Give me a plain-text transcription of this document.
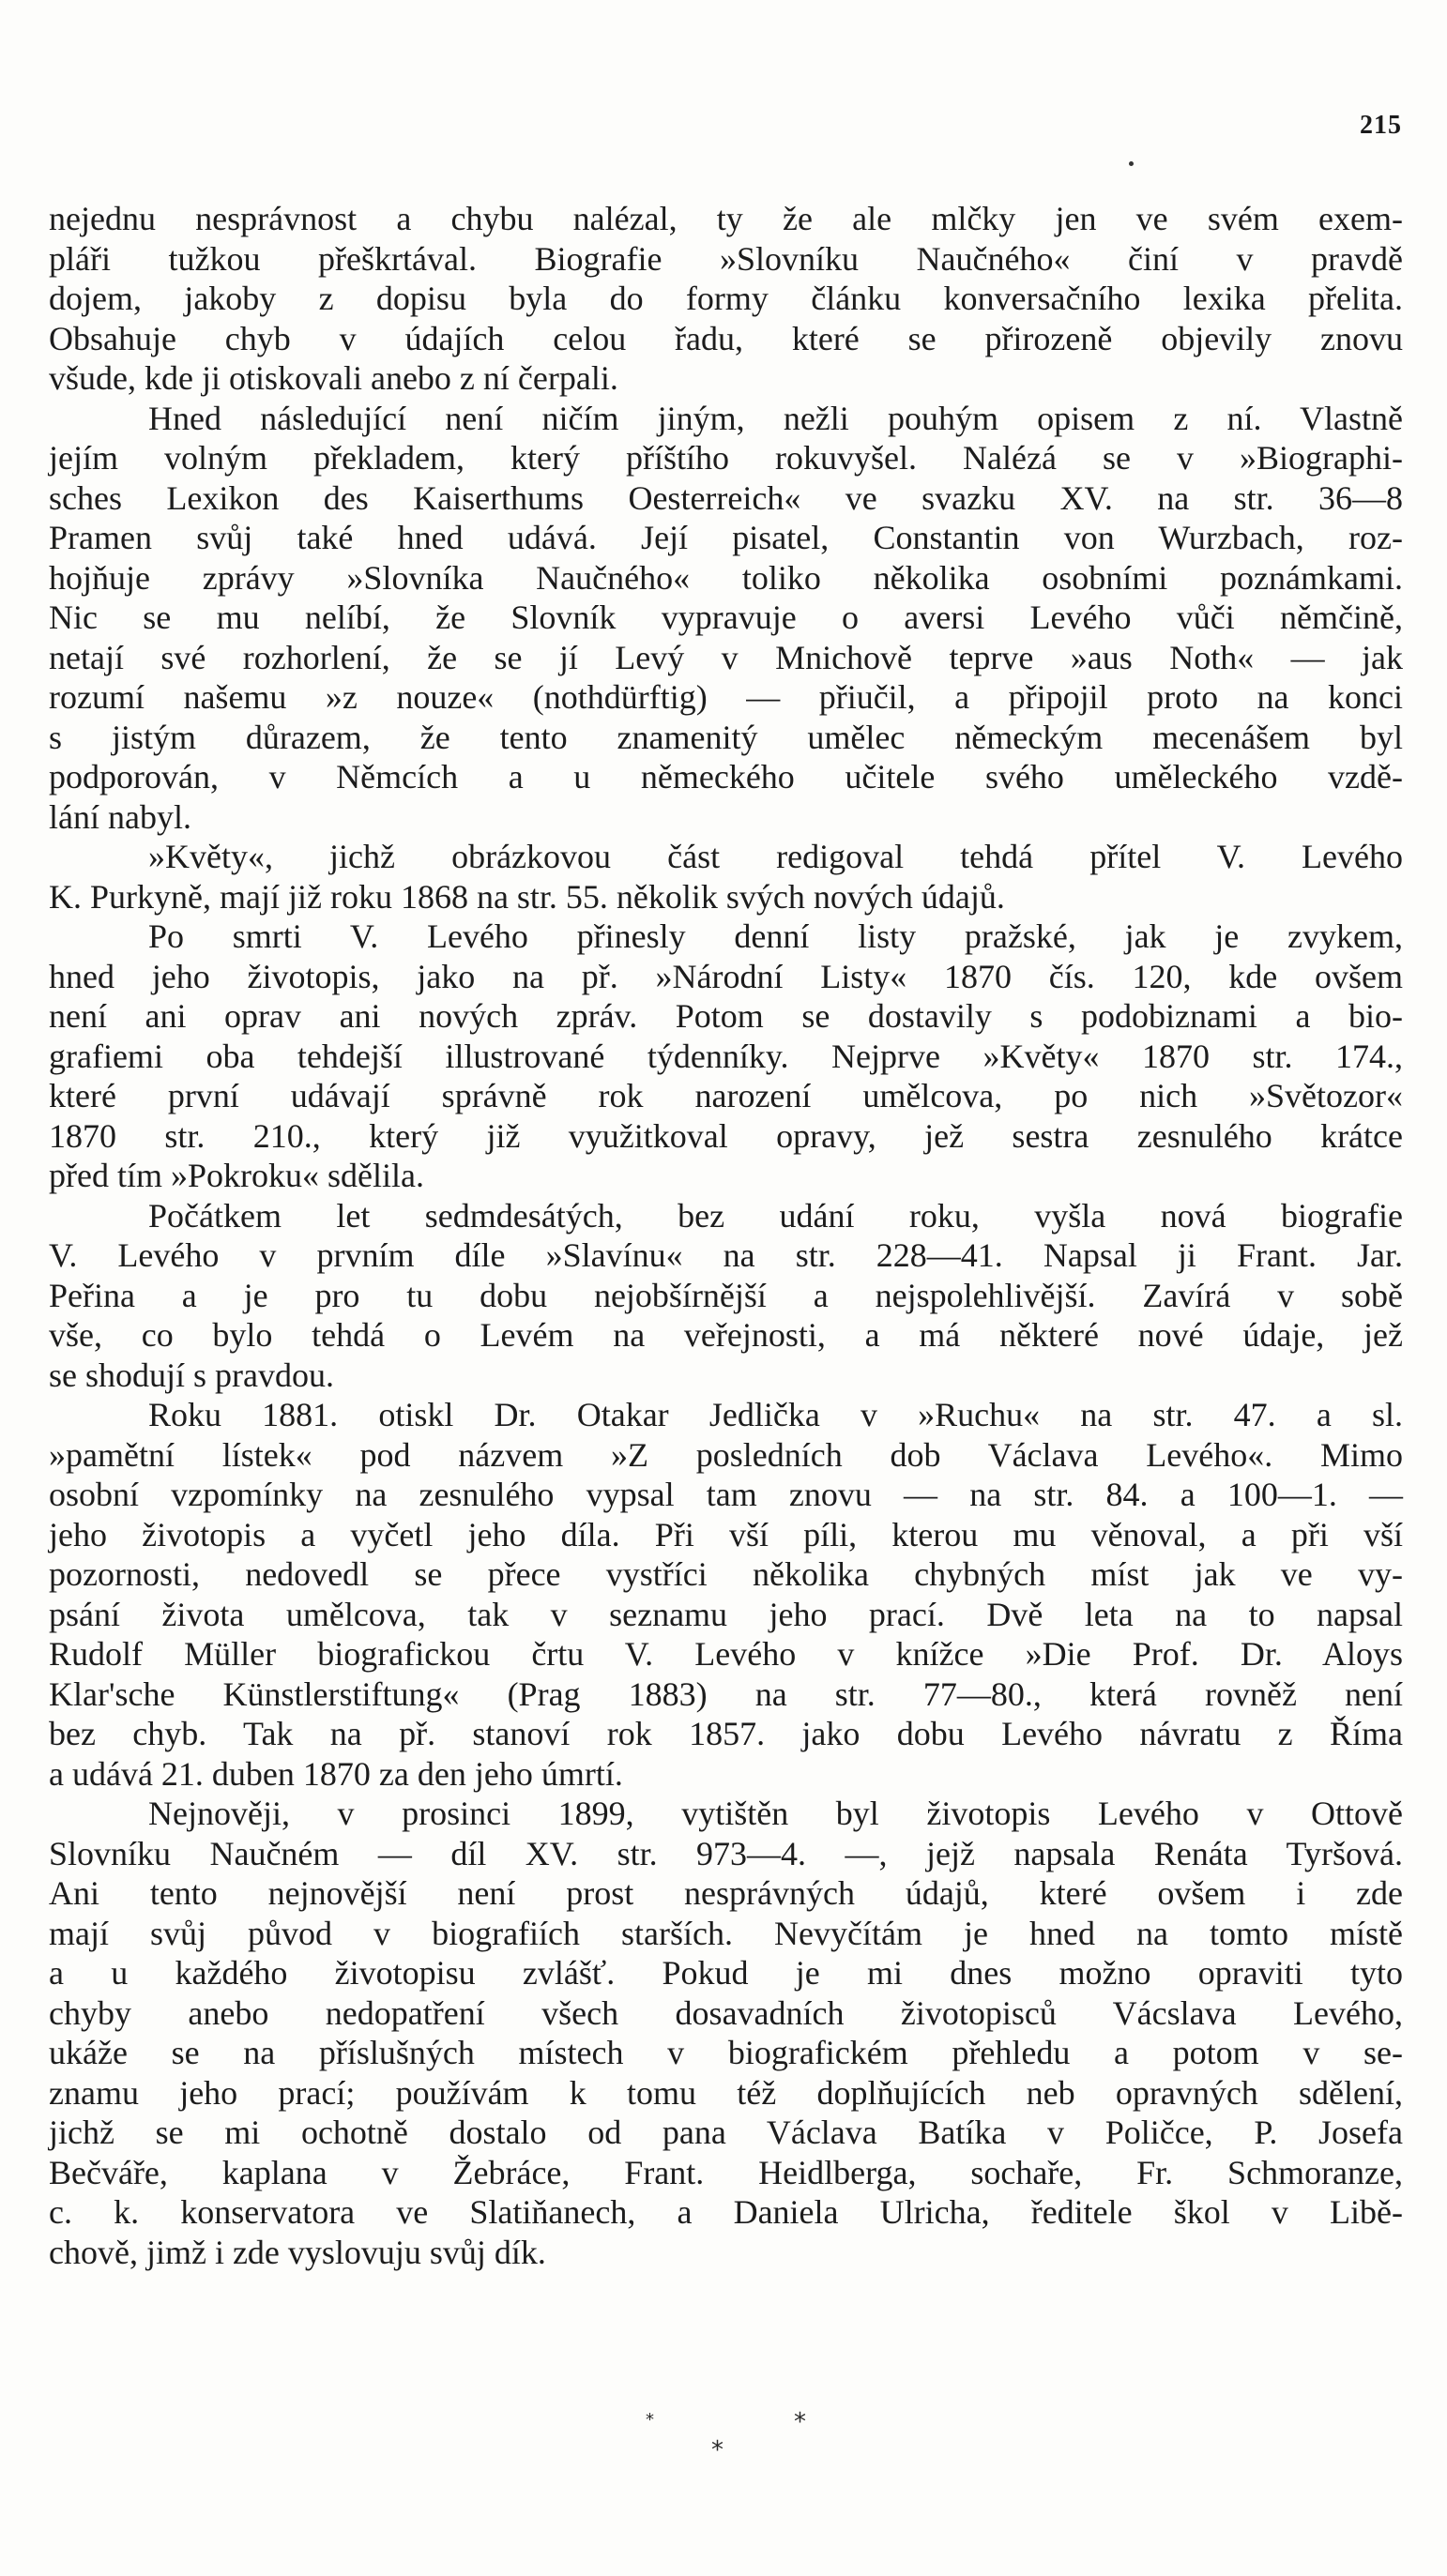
215
nejednu nesprávnost a chybu nalézal, ty že ale mlčky jen ve svém exem-
pláři tužkou přeškrtával. Biografie »Slovníku Naučného« činí v pravdě
dojem, jakoby z dopisu byla do formy článku konversačního lexika přelita.
Obsahuje chyb v údajích celou řadu, které se přirozeně objevily znovu
všude, kde ji otiskovali anebo z ní čerpali.
Hned následující není ničím jiným, nežli pouhým opisem z ní. Vlastně
jejím volným překladem, který příštího rokuvyšel. Nalézá se v »Biographi-
sches Lexikon des Kaiserthums Oesterreich« ve svazku XV. na str. 36—8
Pramen svůj také hned udává. Její pisatel, Constantin von Wurzbach, roz-
hojňuje zprávy »Slovníka Naučného« toliko několika osobními poznámkami.
Nic se mu nelíbí, že Slovník vypravuje o aversi Levého vůči němčině,
netají své rozhorlení, že se jí Levý v Mnichově teprve »aus Noth« — jak
rozumí našemu »z nouze« (nothdürftig) — přiučil, a připojil proto na konci
s jistým důrazem, že tento znamenitý umělec německým mecenášem byl
podporován, v Němcích a u německého učitele svého uměleckého vzdě-
lání nabyl.
»Květy«, jichž obrázkovou část redigoval tehdá přítel V. Levého
K. Purkyně, mají již roku 1868 na str. 55. několik svých nových údajů.
Po smrti V. Levého přinesly denní listy pražské, jak je zvykem,
hned jeho životopis, jako na př. »Národní Listy« 1870 čís. 120, kde ovšem
není ani oprav ani nových zpráv. Potom se dostavily s podobiznami a bio-
grafiemi oba tehdejší illustrované týdenníky. Nejprve »Květy« 1870 str. 174.,
které první udávají správně rok narození umělcova, po nich »Světozor«
1870 str. 210., který již využitkoval opravy, jež sestra zesnulého krátce
před tím »Pokroku« sdělila.
Počátkem let sedmdesátých, bez udání roku, vyšla nová biografie
V. Levého v prvním díle »Slavínu« na str. 228—41. Napsal ji Frant. Jar.
Peřina a je pro tu dobu nejobšírnější a nejspolehlivější. Zavírá v sobě
vše, co bylo tehdá o Levém na veřejnosti, a má některé nové údaje, jež
se shodují s pravdou.
Roku 1881. otiskl Dr. Otakar Jedlička v »Ruchu« na str. 47. a sl.
»pamětní lístek« pod názvem »Z posledních dob Václava Levého«. Mimo
osobní vzpomínky na zesnulého vypsal tam znovu — na str. 84. a 100—1. —
jeho životopis a vyčetl jeho díla. Při vší píli, kterou mu věnoval, a při vší
pozornosti, nedovedl se přece vystříci několika chybných míst jak ve vy-
psání života umělcova, tak v seznamu jeho prací. Dvě leta na to napsal
Rudolf Müller biografickou črtu V. Levého v knížce »Die Prof. Dr. Aloys
Klar'sche Künstlerstiftung« (Prag 1883) na str. 77—80., která rovněž není
bez chyb. Tak na př. stanoví rok 1857. jako dobu Levého návratu z Říma
a udává 21. duben 1870 za den jeho úmrtí.
Nejnověji, v prosinci 1899, vytištěn byl životopis Levého v Ottově
Slovníku Naučném — díl XV. str. 973—4. —, jejž napsala Renáta Tyršová.
Ani tento nejnovější není prost nesprávných údajů, které ovšem i zde
mají svůj původ v biografiích starších. Nevyčítám je hned na tomto místě
a u každého životopisu zvlášť. Pokud je mi dnes možno opraviti tyto
chyby anebo nedopatření všech dosavadních životopisců Vácslava Levého,
ukáže se na příslušných místech v biografickém přehledu a potom v se-
znamu jeho prací; používám k tomu též doplňujících neb opravných sdělení,
jichž se mi ochotně dostalo od pana Václava Batíka v Poličce, P. Josefa
Bečváře, kaplana v Žebráce, Frant. Heidlberga, sochaře, Fr. Schmoranze,
c. k. konservatora ve Slatiňanech, a Daniela Ulricha, ředitele škol v Libě-
chově, jimž i zde vyslovuju svůj dík.
*	*
*
